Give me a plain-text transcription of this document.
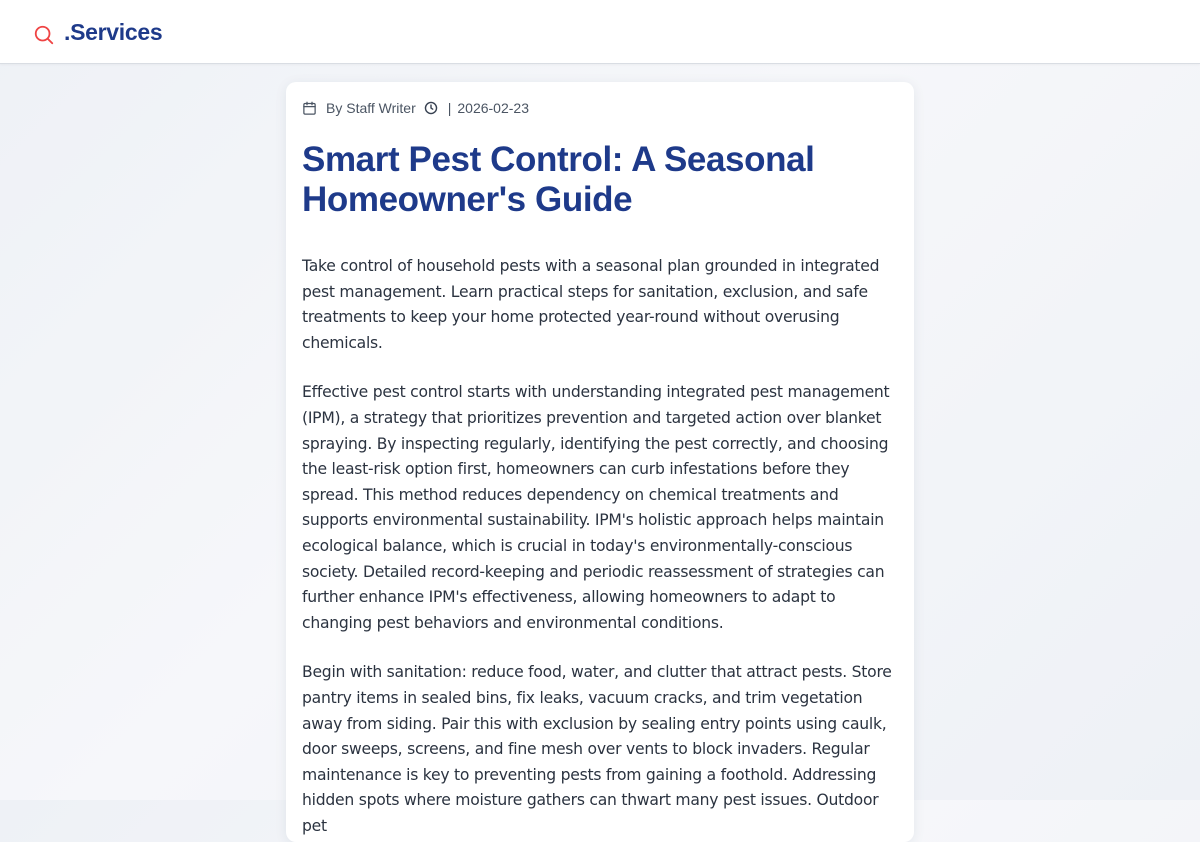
.Services
By Staff Writer | 2026-02-23
Smart Pest Control: A Seasonal Homeowner's Guide

Take control of household pests with a seasonal plan grounded in integrated pest management. Learn practical steps for sanitation, exclusion, and safe treatments to keep your home protected year-round without overusing chemicals.

Effective pest control starts with understanding integrated pest management (IPM), a strategy that prioritizes prevention and targeted action over blanket spraying. By inspecting regularly, identifying the pest correctly, and choosing the least-risk option first, homeowners can curb infestations before they spread. This method reduces dependency on chemical treatments and supports environmental sustainability. IPM's holistic approach helps maintain ecological balance, which is crucial in today's environmentally-conscious society. Detailed record-keeping and periodic reassessment of strategies can further enhance IPM's effectiveness, allowing homeowners to adapt to changing pest behaviors and environmental conditions.

Begin with sanitation: reduce food, water, and clutter that attract pests. Store pantry items in sealed bins, fix leaks, vacuum cracks, and trim vegetation away from siding. Pair this with exclusion by sealing entry points using caulk, door sweeps, screens, and fine mesh over vents to block invaders. Regular maintenance is key to preventing pests from gaining a foothold. Addressing hidden spots where moisture gathers can thwart many pest issues. Outdoor pet
